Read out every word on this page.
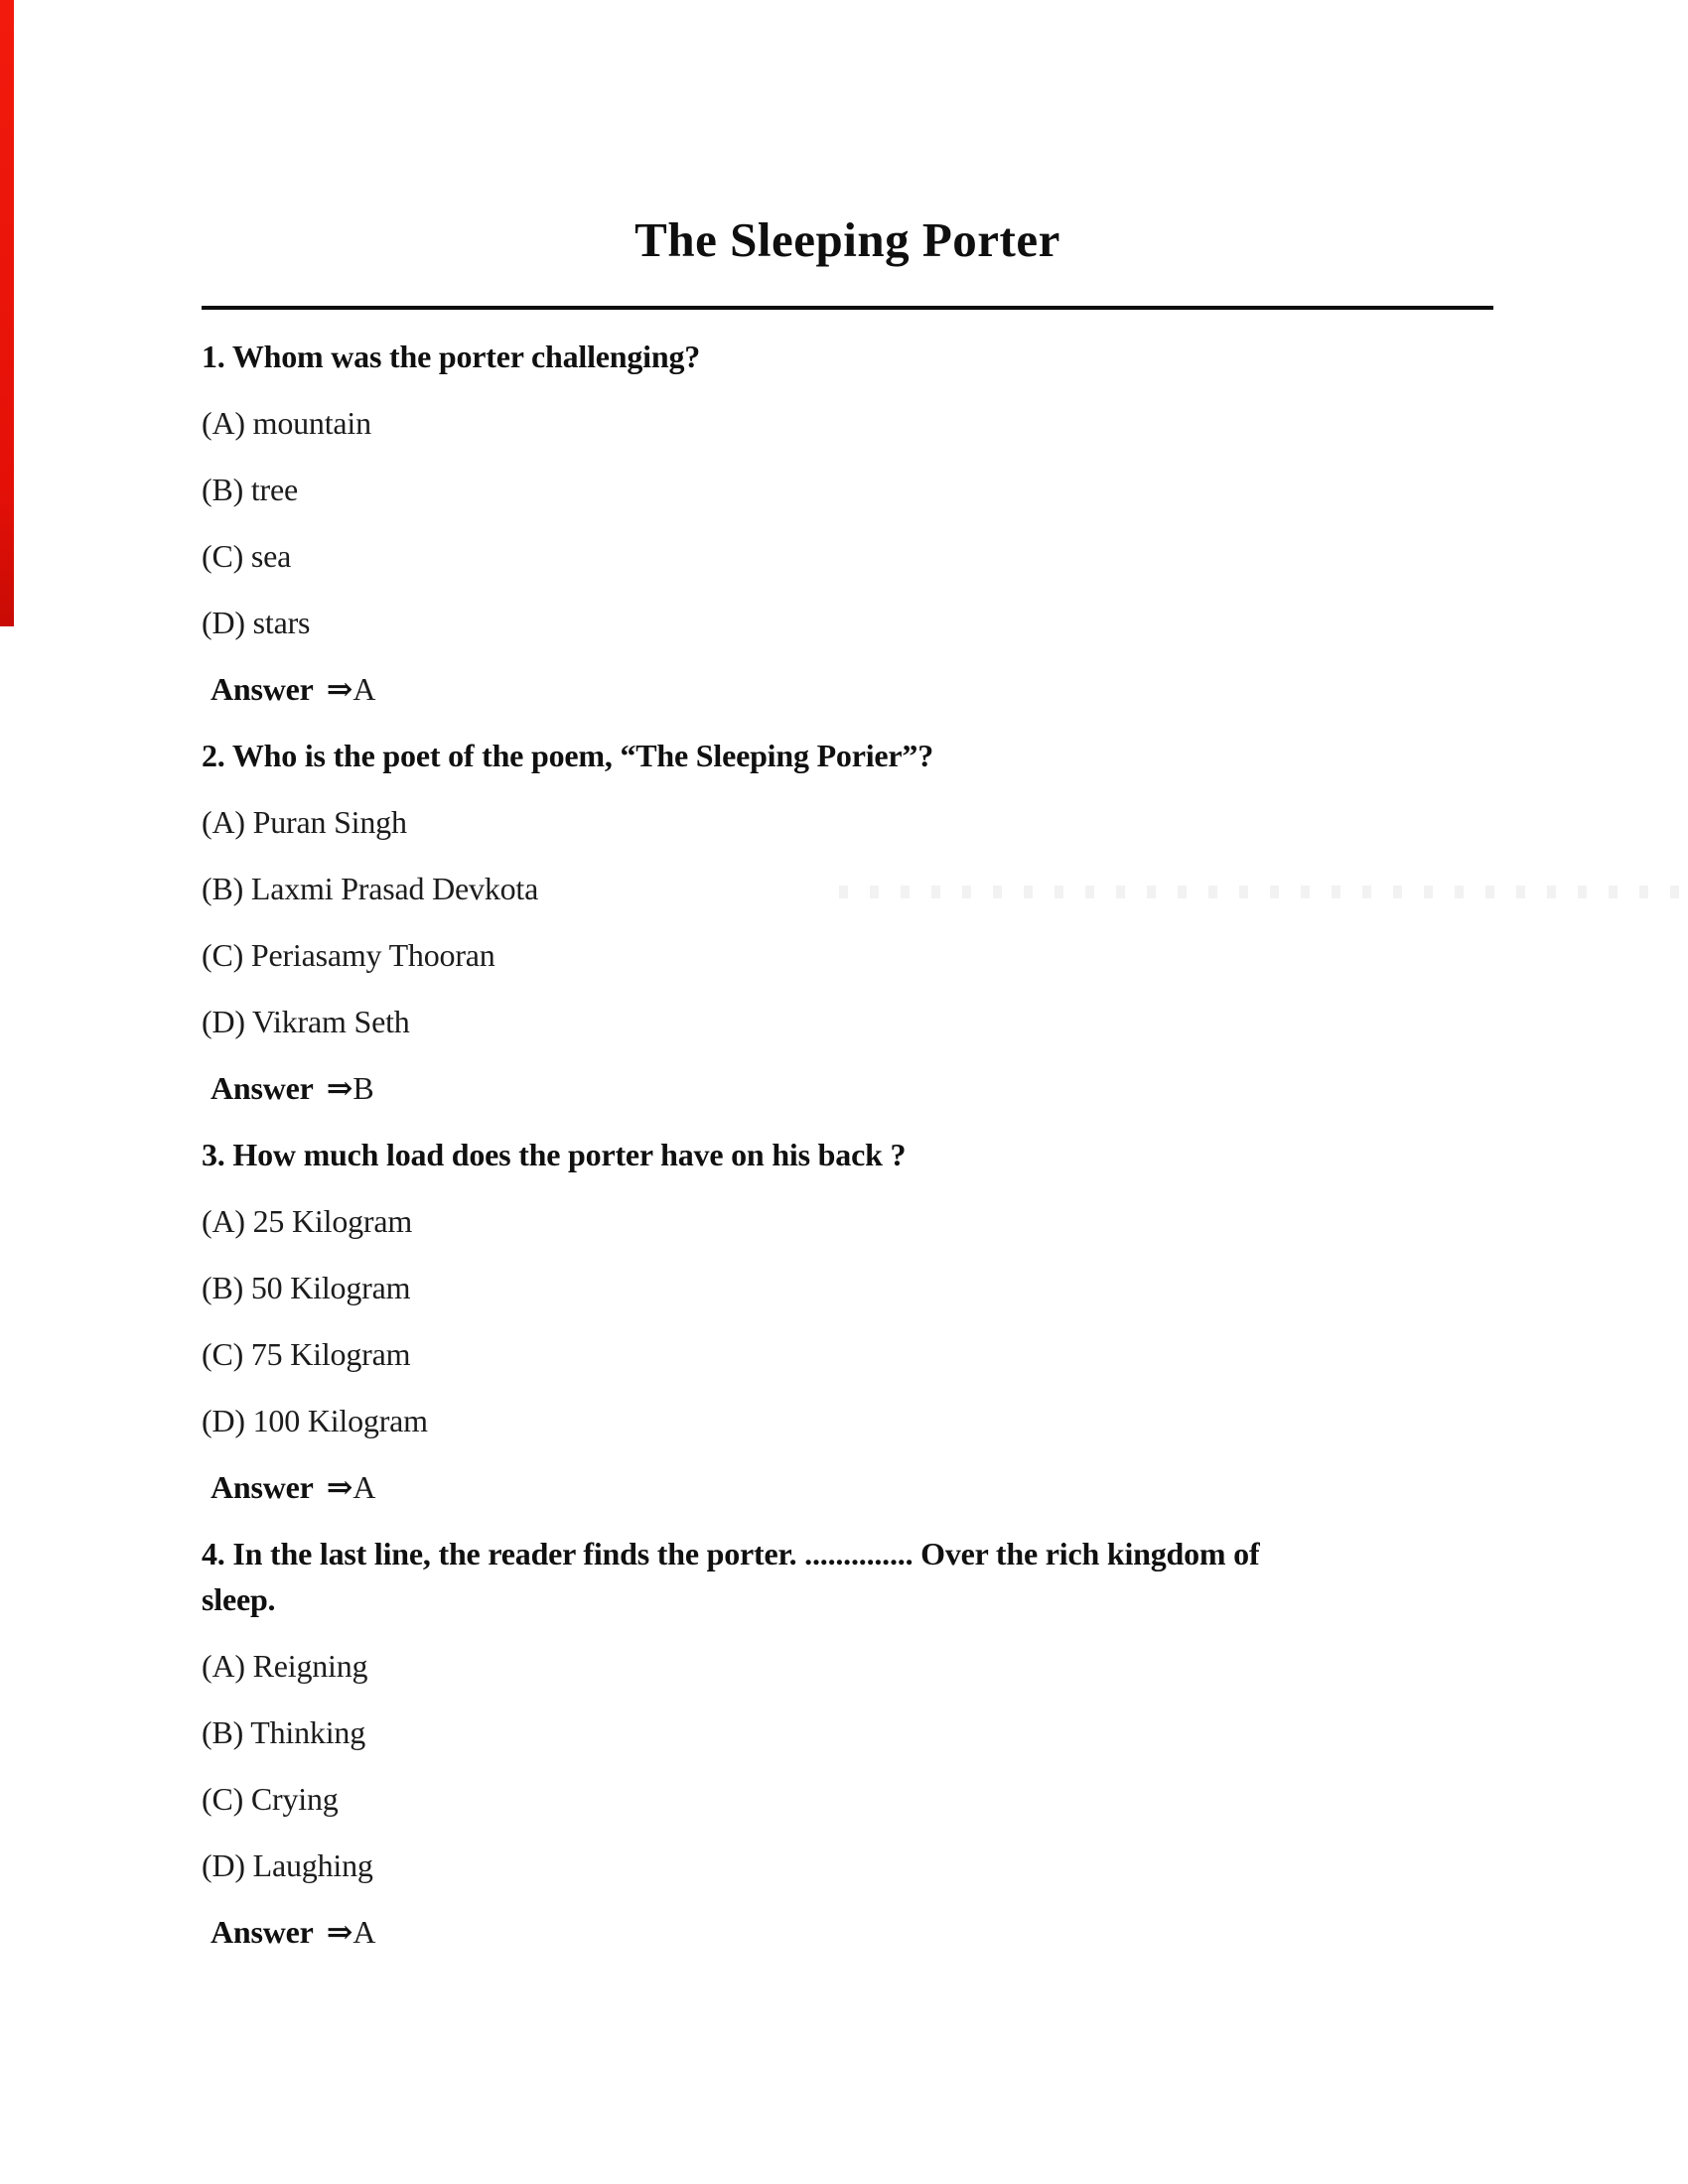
The Sleeping Porter

1. Whom was the porter challenging?

(A) mountain

(B) tree

(C) sea

(D) stars

Answer ⇒A

2. Who is the poet of the poem, “The Sleeping Porier”?

(A) Puran Singh

(B) Laxmi Prasad Devkota

(C) Periasamy Thooran

(D) Vikram Seth

Answer ⇒B

3. How much load does the porter have on his back ?

(A) 25 Kilogram

(B) 50 Kilogram

(C) 75 Kilogram

(D) 100 Kilogram

Answer ⇒A

4. In the last line, the reader finds the porter. .............. Over the rich kingdom of
sleep.

(A) Reigning

(B) Thinking

(C) Crying

(D) Laughing

Answer ⇒A
